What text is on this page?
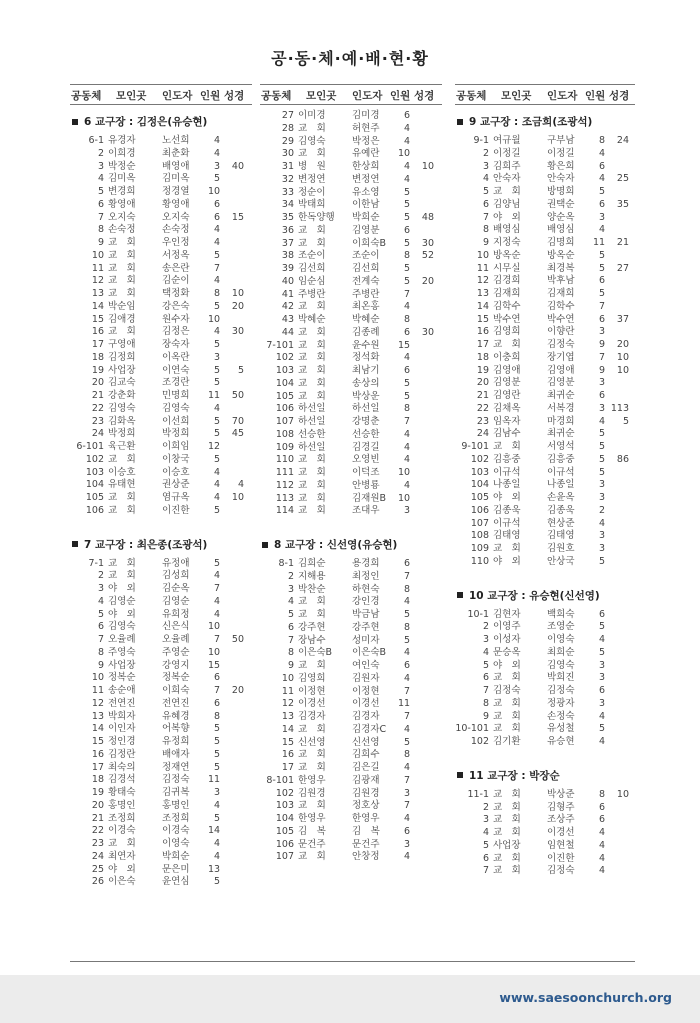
공·동·체·예·배·현·황
공동체 모인곳 인도자 인원 성경
6 교구장 : 김정은(유승현)
6-1 유경자	노선희	4
2 이희경	최춘화	4
3 박정순	배영애	3	40
4 김미옥	김미옥	5
5 변경희	정경열	10
6 황영애	황영애	6
7 오지숙	오지숙	6	15
8 손숙정	손숙정	4
9 교　회	우인정	4
10 교　회	서정옥	5
11 교　회	송은란	7
12 교　회	김순이	4
13 교　회	택정화	8	10
14 박순임	강은숙	5	20
15 김애경	원수자	10
16 교　회	김정은	4	30
17 구영애	장숙자	5
18 김정희	이옥란	3
19 사업장	이연숙	5	5
20 김교숙	조경란	5
21 강춘화	민명희	11	50
22 김영숙	김영숙	4
23 김화옥	이선희	5	70
24 박정희	박정희	5	45
6-101 육근환	이희임	12
102 교　회	이창국	5
103 이승호	이승호	4
104 유태현	권상준	4	4
105 교　회	염규옥	4	10
106 교　회	이진한	5
7 교구장 : 최은종(조광석)
7-1 교　회	유정애	5
2 교　회	김성희	4
3 야　외	김순옥	7
4 김영순	김영순	4
5 야　외	유희정	4
6 김영숙	신은식	10
7 오율례	오율례	7	50
8 주영숙	주영순	10
9 사업장	강영지	15
10 정복순	정복순	6
11 송순애	이희숙	7	20
12 전연진	전연진	6
13 박희자	유혜경	8
14 이인자	어복향	5
15 정인경	유정희	5
16 김정란	배애자	5
17 최숙의	정재연	5
18 김경석	김정숙	11
19 황태숙	김귀복	3
20 홍명인	홍명인	4
21 조정희	조정희	5
22 이경숙	이경숙	14
23 교　회	이영숙	4
24 최연자	박희순	4
25 야　외	문은미	13
26 이은숙	윤연심	5
공동체 모인곳 인도자 인원 성경
27 이미경	김미경	6
28 교　회	허현주	4
29 김영숙	박정은	4
30 교　회	유예란	10
31 병　원	한상희	4	10
32 변정연	변정연	4
33 정순이	유소영	5
34 박태희	이한남	5
35 한독양행	박희순	5	48
36 교　회	김영분	6
37 교　회	이희숙B	5	30
38 조순이	조순이	8	52
39 김선희	김선희	5
40 임순심	전계숙	5	20
41 주병란	주병란	7
42 교　회	최온홍	4
43 박혜순	박혜순	8
44 교　회	김종례	6	30
7-101 교　회	윤수원	15
102 교　회	정석화	4
103 교　회	최남기	6
104 교　회	송상의	5
105 교　회	박상운	5
106 하선일	하선일	8
107 하선일	강명춘	7
108 선승한	선승한	4
109 하선일	김경길	4
110 교　회	오영빈	4
111 교　회	이덕조	10
112 교　회	안병룡	4
113 교　회	김재원B	10
114 교　회	조대우	3
8 교구장 : 신선영(유승현)
8-1 김희순	용경희	6
2 지해용	최정인	7
3 박찬순	하현숙	8
4 교　회	강인경	4
5 교　회	박금남	5
6 강주현	강주현	8
7 장남수	성미자	5
8 이은숙B	이은숙B	4
9 교　회	여인숙	6
10 김영희	김원자	4
11 이정현	이정현	7
12 이경선	이경선	11
13 김경자	김경자	7
14 교　회	김경자C	4
15 신선영	신선영	5
16 교　회	김희수	8
17 교　회	김은길	4
8-101 한영우	김광재	7
102 김원경	김원경	3
103 교　회	정호상	7
104 한영우	한영우	4
105 김　복	김　복	6
106 문건주	문건주	3
107 교　회	안창정	4
공동체 모인곳 인도자 인원 성경
9 교구장 : 조금희(조광석)
9-1 여규월	구부남	8	24
2 이정길	이정길	4
3 김희주	황은희	6
4 안숙자	안숙자	4	25
5 교　회	방명희	5
6 김양님	권택순	6	35
7 야　외	양순옥	3
8 배영심	배영심	4
9 지정숙	김명희	11	21
10 방옥순	방옥순	5
11 시무실	최경복	5	27
12 김경희	박후남	6
13 김재희	김재희	5
14 김학수	김학수	7
15 박수연	박수연	6	37
16 김영희	이향란	3
17 교　회	김정숙	9	20
18 이충희	장기엽	7	10
19 김영애	김영애	9	10
20 김영분	김영분	3
21 김영란	최귀순	6
22 김채옥	서복경	3 113
23 임옥자	마경희	4	5
24 김남수	최귀순	5
9-101 교　회	서영석	5
102 김흥중	김흥중	5	86
103 이규석	이규석	5
104 나종일	나종일	3
105 야　외	손윤옥	3
106 김종욱	김종욱	2
107 이규석	현상준	4
108 김태영	김태영	3
109 교　회	김원호	3
110 야　외	안상국	5
10 교구장 : 유승현(신선영)
10-1 김현자	백희숙	6
2 이영주	조영순	5
3 이성자	이영숙	4
4 문승옥	최희순	5
5 야　외	김영숙	3
6 교　회	박희진	3
7 김정숙	김정숙	6
8 교　회	정광자	3
9 교　회	손정숙	4
10-101 교　회	유성철	5
102 김기환	유승현	4
11 교구장 : 박장순
11-1 교　회	박상준	8	10
2 교　회	김형주	6
3 교　회	조상주	6
4 교　회	이경선	4
5 사업장	임현철	4
6 교　회	이진한	4
7 교　회	김정숙	4
www.saesoonchurch.org
